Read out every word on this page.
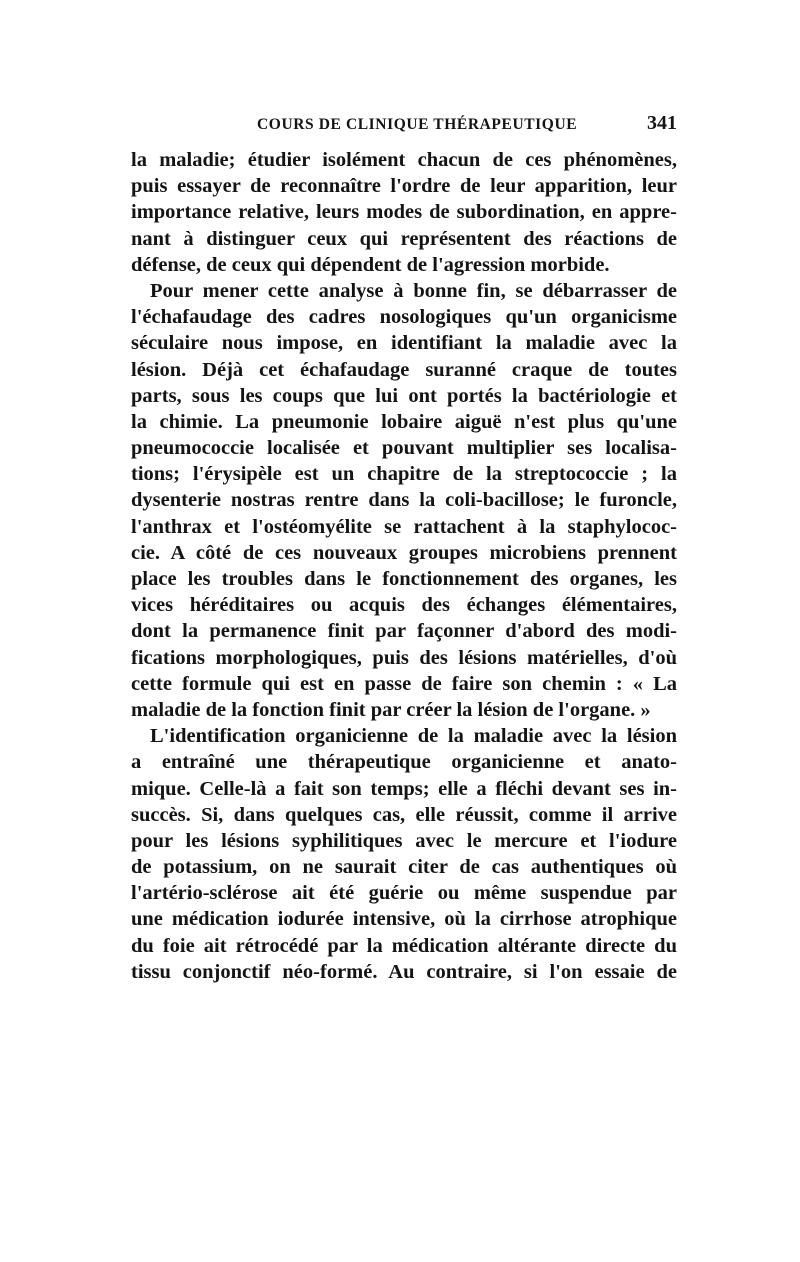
COURS DE CLINIQUE THÉRAPEUTIQUE	341
la maladie; étudier isolément chacun de ces phénomènes,
puis essayer de reconnaître l'ordre de leur apparition, leur
importance relative, leurs modes de subordination, en appre-
nant à distinguer ceux qui représentent des réactions de
défense, de ceux qui dépendent de l'agression morbide.
Pour mener cette analyse à bonne fin, se débarrasser de
l'échafaudage des cadres nosologiques qu'un organicisme
séculaire nous impose, en identifiant la maladie avec la
lésion. Déjà cet échafaudage suranné craque de toutes
parts, sous les coups que lui ont portés la bactériologie et
la chimie. La pneumonie lobaire aiguë n'est plus qu'une
pneumococcie localisée et pouvant multiplier ses localisa-
tions; l'érysipèle est un chapitre de la streptococcie ; la
dysenterie nostras rentre dans la coli-bacillose; le furoncle,
l'anthrax et l'ostéomyélite se rattachent à la staphylococ-
cie. A côté de ces nouveaux groupes microbiens prennent
place les troubles dans le fonctionnement des organes, les
vices héréditaires ou acquis des échanges élémentaires,
dont la permanence finit par façonner d'abord des modi-
fications morphologiques, puis des lésions matérielles, d'où
cette formule qui est en passe de faire son chemin : « La
maladie de la fonction finit par créer la lésion de l'organe. »
L'identification organicienne de la maladie avec la lésion
a entraîné une thérapeutique organicienne et anato-
mique. Celle-là a fait son temps; elle a fléchi devant ses in-
succès. Si, dans quelques cas, elle réussit, comme il arrive
pour les lésions syphilitiques avec le mercure et l'iodure
de potassium, on ne saurait citer de cas authentiques où
l'artério-sclérose ait été guérie ou même suspendue par
une médication iodurée intensive, où la cirrhose atrophique
du foie ait rétrocédé par la médication altérante directe du
tissu conjonctif néo-formé. Au contraire, si l'on essaie de
